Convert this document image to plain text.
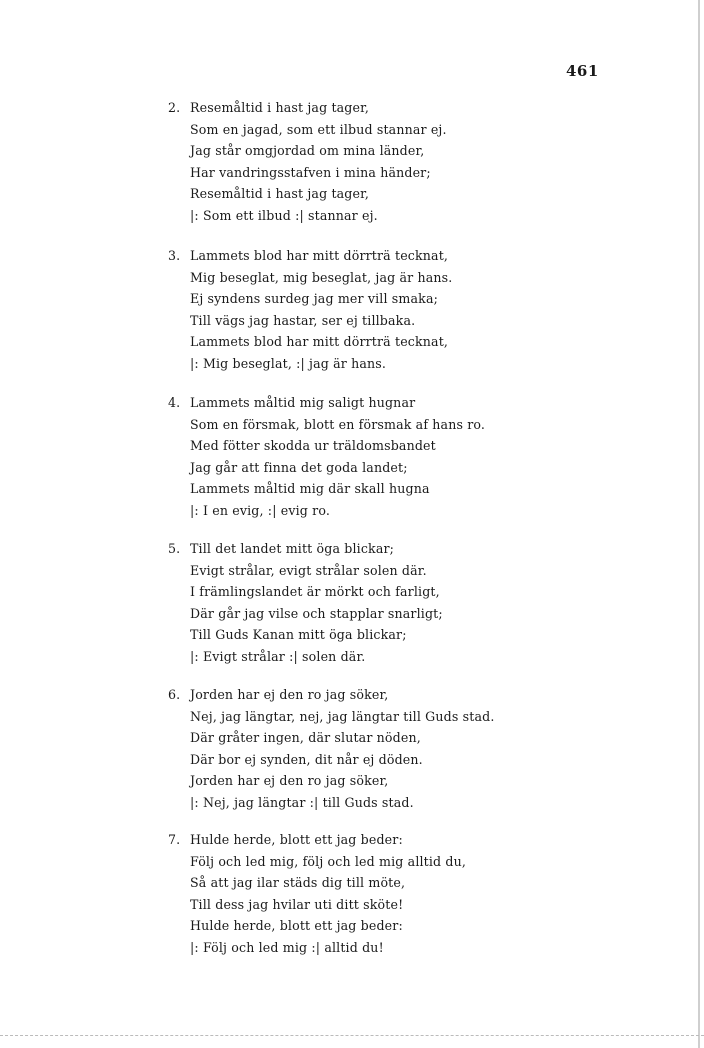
461
2. Resemåltid i hast jag tager,
Som en jagad, som ett ilbud stannar ej.
Jag står omgjordad om mina länder,
Har vandringsstafven i mina händer;
Resemåltid i hast jag tager,
|: Som ett ilbud :| stannar ej.
3. Lammets blod har mitt dörrträ tecknat,
Mig beseglat, mig beseglat, jag är hans.
Ej syndens surdeg jag mer vill smaka;
Till vägs jag hastar, ser ej tillbaka.
Lammets blod har mitt dörrträ tecknat,
|: Mig beseglat, :| jag är hans.
4. Lammets måltid mig saligt hugnar
Som en försmak, blott en försmak af hans ro.
Med fötter skodda ur träldomsbandet
Jag går att finna det goda landet;
Lammets måltid mig där skall hugna
|: I en evig, :| evig ro.
5. Till det landet mitt öga blickar;
Evigt strålar, evigt strålar solen där.
I främlingslandet är mörkt och farligt,
Där går jag vilse och stapplar snarligt;
Till Guds Kanan mitt öga blickar;
|: Evigt strålar :| solen där.
6. Jorden har ej den ro jag söker,
Nej, jag längtar, nej, jag längtar till Guds stad.
Där gråter ingen, där slutar nöden,
Där bor ej synden, dit når ej döden.
Jorden har ej den ro jag söker,
|: Nej, jag längtar :| till Guds stad.
7. Hulde herde, blott ett jag beder:
Följ och led mig, följ och led mig alltid du,
Så att jag ilar städs dig till möte,
Till dess jag hvilar uti ditt sköte!
Hulde herde, blott ett jag beder:
|: Följ och led mig :| alltid du!
